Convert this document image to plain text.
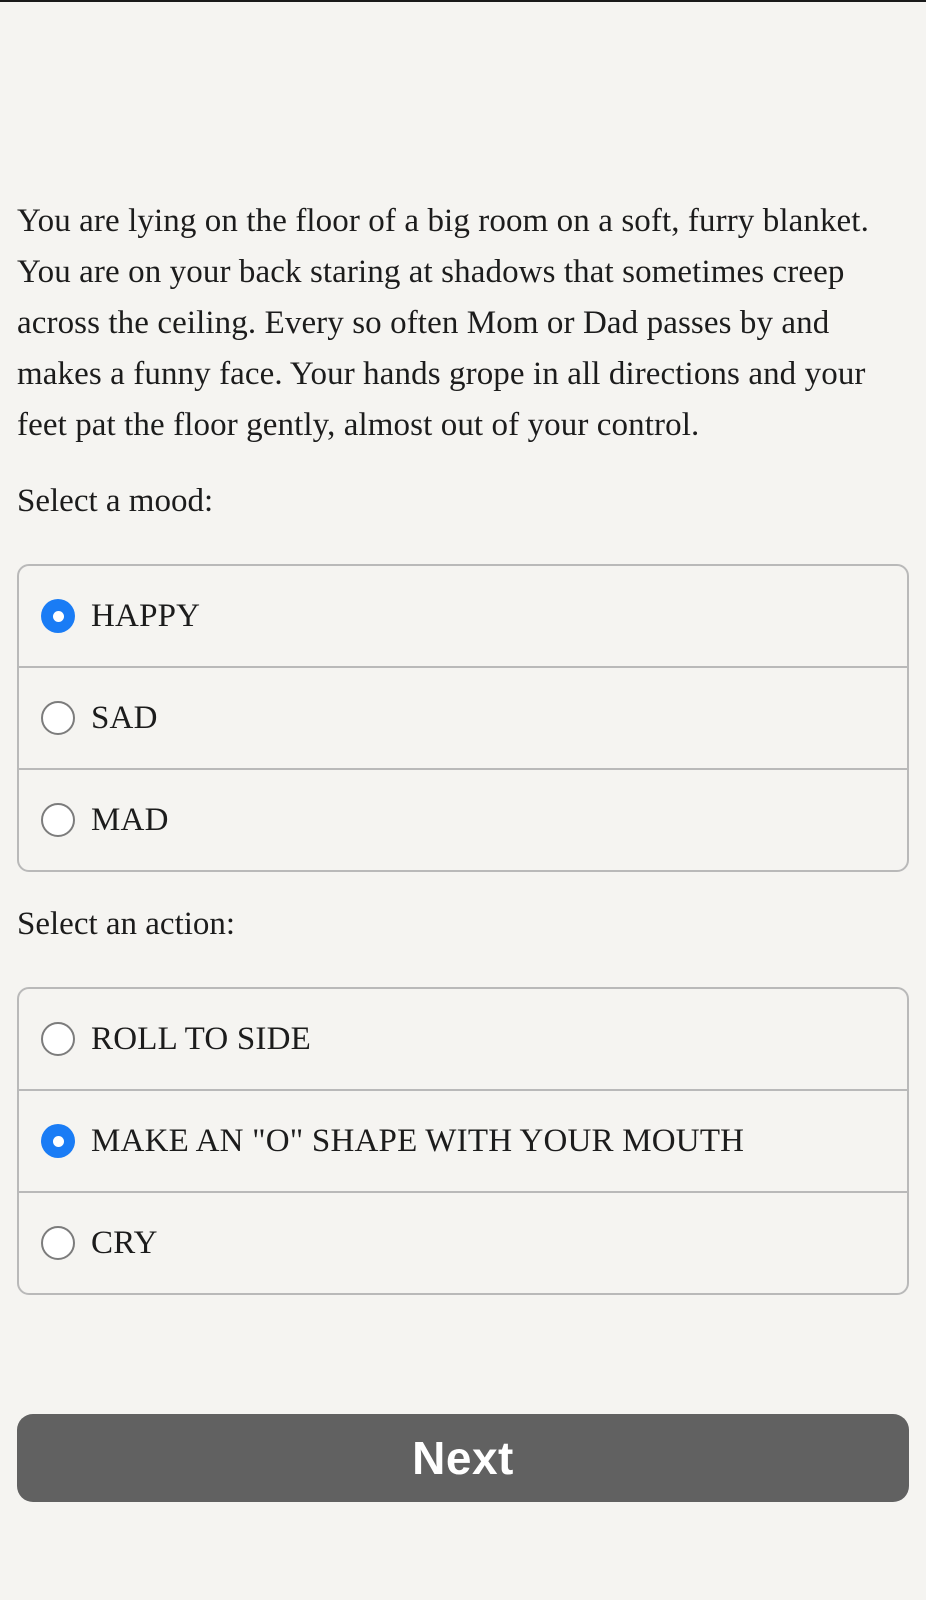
You are lying on the floor of a big room on a soft, furry blanket. You are on your back staring at shadows that sometimes creep across the ceiling. Every so often Mom or Dad passes by and makes a funny face. Your hands grope in all directions and your feet pat the floor gently, almost out of your control.

Select a mood:

HAPPY
SAD
MAD

Select an action:

ROLL TO SIDE
MAKE AN "O" SHAPE WITH YOUR MOUTH
CRY
Next
